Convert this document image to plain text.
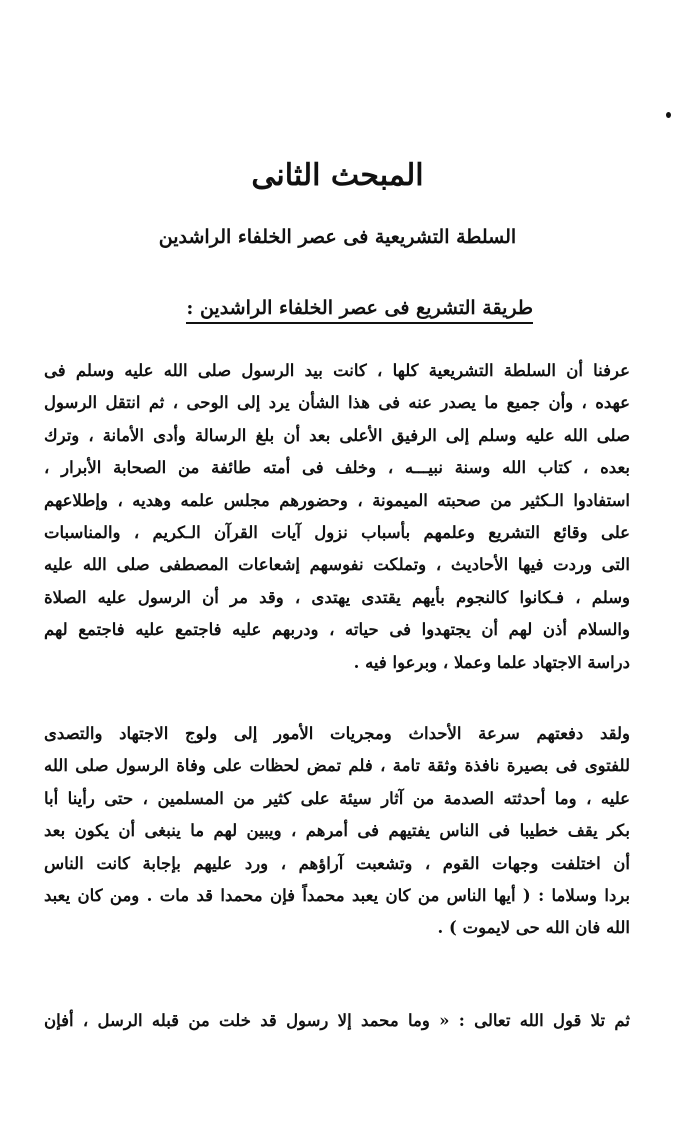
المبحث الثانى
السلطة التشريعية فى عصر الخلفاء الراشدين
طريقة التشريع فى عصر الخلفاء الراشدين :
عرفنا أن السلطة التشريعية كلها ، كانت بيد الرسول صلى الله عليه وسلم فى
عهده ، وأن جميع ما يصدر عنه فى هذا الشأن يرد إلى الوحى ، ثم انتقل الرسول
صلى الله عليه وسلم إلى الرفيق الأعلى بعد أن بلغ الرسالة وأدى الأمانة ، وترك
بعده ، كتاب الله وسنة نبيـــه ، وخلف فى أمته طائفة من الصحابة الأبرار ،
استفادوا الـكثير من صحبته الميمونة ، وحضورهم مجلس علمه وهديه ، وإطلاعهم
على وقائع التشريع وعلمهم بأسباب نزول آيات القرآن الـكريم ، والمناسبات
التى وردت فيها الأحاديث ، وتملكت نفوسهم إشعاعات المصطفى صلى الله عليه
وسلم ، فـكانوا كالنجوم بأيهم يقتدى يهتدى ، وقد مر أن الرسول عليه الصلاة
والسلام أذن لهم أن يجتهدوا فى حياته ، ودربهم عليه فاجتمع عليه فاجتمع لهم
دراسة الاجتهاد علما وعملا ، وبرعوا فيه .
ولقد دفعتهم سرعة الأحداث ومجريات الأمور إلى ولوج الاجتهاد والتصدى
للفتوى فى بصيرة نافذة وثقة تامة ، فلم تمض لحظات على وفاة الرسول صلى الله
عليه ، وما أحدثته الصدمة من آثار سيئة على كثير من المسلمين ، حتى رأينا أبا
بكر يقف خطيبا فى الناس يفتيهم فى أمرهم ، ويبين لهم ما ينبغى أن يكون بعد
أن اختلفت وجهات القوم ، وتشعبت آراؤهم ، ورد عليهم بإجابة كانت الناس
بردا وسلاما : ( أيها الناس من كان يعبد محمداً فإن محمدا قد مات . ومن كان يعبد
الله فان الله حى لايموت ) .
ثم تلا قول الله تعالى : « وما محمد إلا رسول قد خلت من قبله الرسل ، أفإن
